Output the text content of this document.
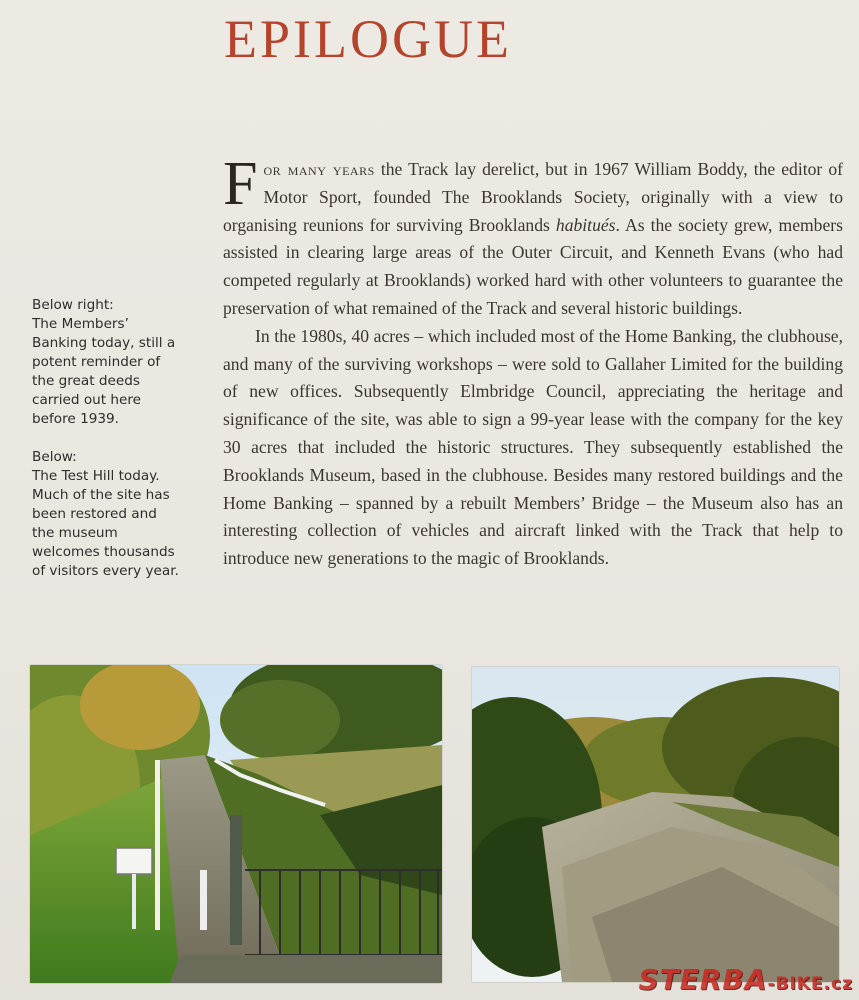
EPILOGUE

For many years the Track lay derelict, but in 1967 William Boddy, the editor of Motor Sport, founded The Brooklands Society, originally with a view to organising reunions for surviving Brooklands habitués. As the society grew, members assisted in clearing large areas of the Outer Circuit, and Kenneth Evans (who had competed regularly at Brooklands) worked hard with other volunteers to guarantee the preservation of what remained of the Track and several historic buildings.

In the 1980s, 40 acres – which included most of the Home Banking, the clubhouse, and many of the surviving workshops – were sold to Gallaher Limited for the building of new offices. Subsequently Elmbridge Council, appreciating the heritage and significance of the site, was able to sign a 99-year lease with the company for the key 30 acres that included the historic structures. They subsequently established the Brooklands Museum, based in the clubhouse. Besides many restored buildings and the Home Banking – spanned by a rebuilt Members’ Bridge – the Museum also has an interesting collection of vehicles and aircraft linked with the Track that help to introduce new generations to the magic of Brooklands.

Below right:
The Members’ Banking today, still a potent reminder of the great deeds carried out here before 1939.

Below:
The Test Hill today. Much of the site has been restored and the museum welcomes thousands of visitors every year.

STERBA-BIKE.cz
